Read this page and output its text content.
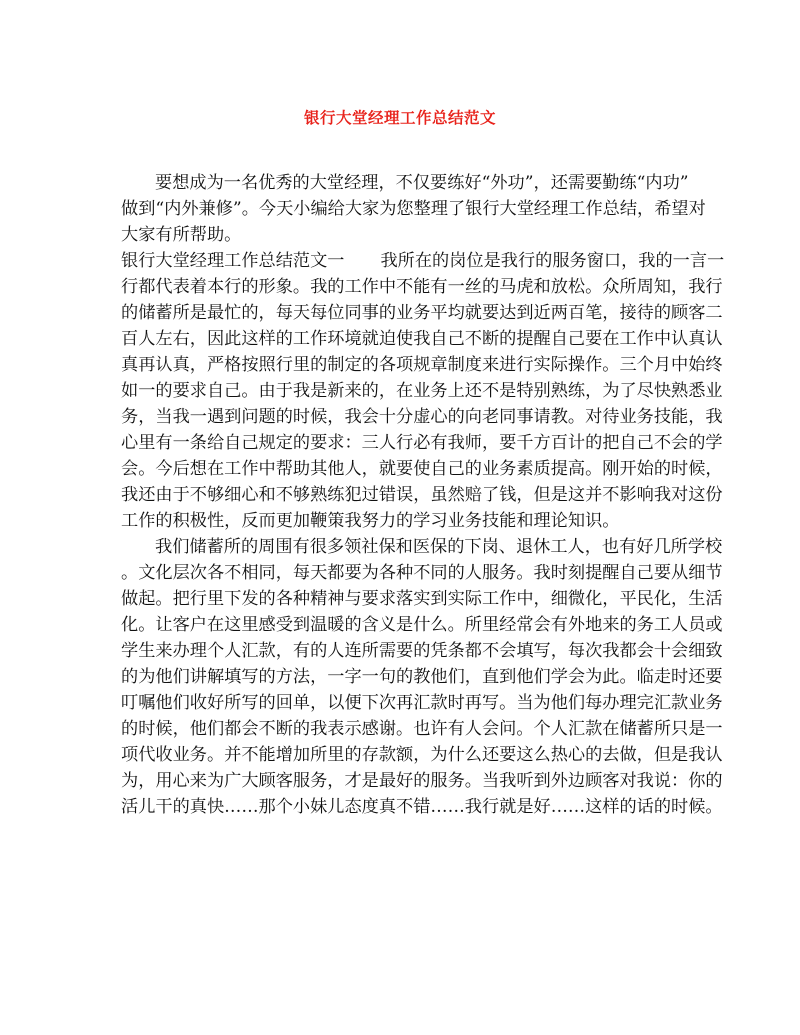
银行大堂经理工作总结范文
要想成为一名优秀的大堂经理，不仅要练好“外功”，还需要勤练“内功”
做到“内外兼修”。今天小编给大家为您整理了银行大堂经理工作总结，希望对
大家有所帮助。
银行大堂经理工作总结范文一 我所在的岗位是我行的服务窗口，我的一言一
行都代表着本行的形象。我的工作中不能有一丝的马虎和放松。众所周知，我行
的储蓄所是最忙的，每天每位同事的业务平均就要达到近两百笔，接待的顾客二
百人左右，因此这样的工作环境就迫使我自己不断的提醒自己要在工作中认真认
真再认真，严格按照行里的制定的各项规章制度来进行实际操作。三个月中始终
如一的要求自己。由于我是新来的，在业务上还不是特别熟练，为了尽快熟悉业
务，当我一遇到问题的时候，我会十分虚心的向老同事请教。对待业务技能，我
心里有一条给自己规定的要求：三人行必有我师，要千方百计的把自己不会的学
会。今后想在工作中帮助其他人，就要使自己的业务素质提高。刚开始的时候，
我还由于不够细心和不够熟练犯过错误，虽然赔了钱，但是这并不影响我对这份
工作的积极性，反而更加鞭策我努力的学习业务技能和理论知识。
我们储蓄所的周围有很多领社保和医保的下岗、退休工人，也有好几所学校
。文化层次各不相同，每天都要为各种不同的人服务。我时刻提醒自己要从细节
做起。把行里下发的各种精神与要求落实到实际工作中，细微化，平民化，生活
化。让客户在这里感受到温暖的含义是什么。所里经常会有外地来的务工人员或
学生来办理个人汇款，有的人连所需要的凭条都不会填写，每次我都会十会细致
的为他们讲解填写的方法，一字一句的教他们，直到他们学会为此。临走时还要
叮嘱他们收好所写的回单，以便下次再汇款时再写。当为他们每办理完汇款业务
的时候，他们都会不断的我表示感谢。也许有人会问。个人汇款在储蓄所只是一
项代收业务。并不能增加所里的存款额，为什么还要这么热心的去做，但是我认
为，用心来为广大顾客服务，才是最好的服务。当我听到外边顾客对我说：你的
活儿干的真快……那个小妹儿态度真不错……我行就是好……这样的话的时候。
